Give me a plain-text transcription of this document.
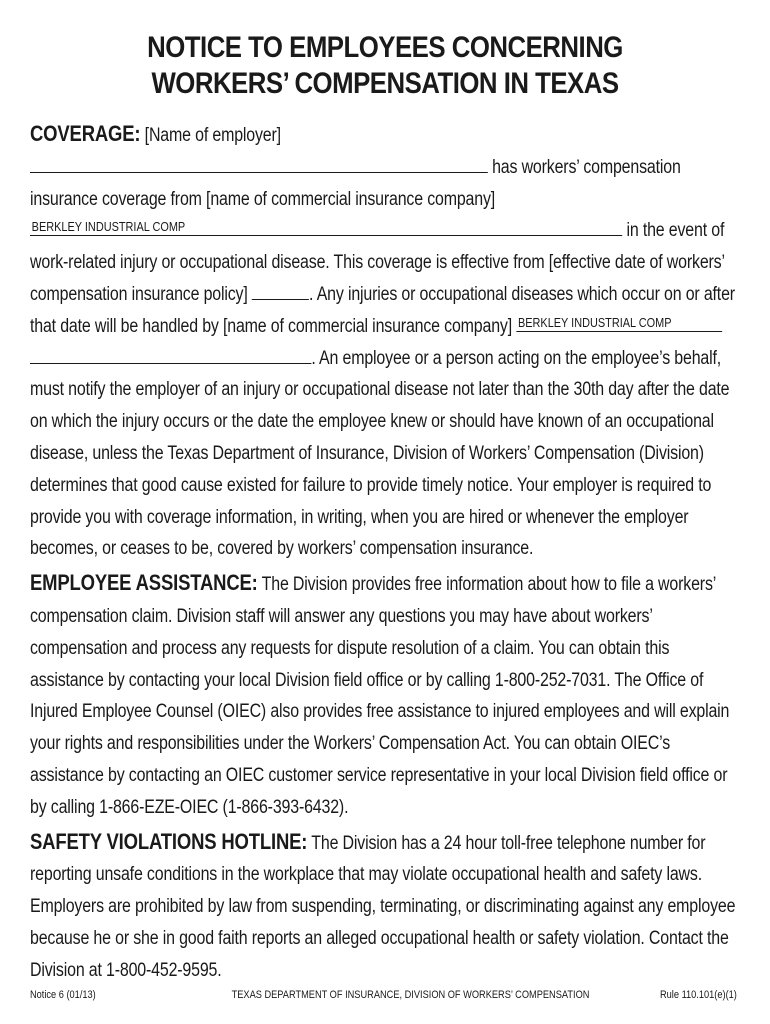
NOTICE TO EMPLOYEES CONCERNING
WORKERS’ COMPENSATION IN TEXAS

COVERAGE: [Name of employer]
has workers’ compensation insurance coverage from [name of commercial insurance company]
BERKLEY INDUSTRIAL COMP	in the event of work-related injury or occupational disease. This coverage is effective from [effective date of workers’ compensation insurance policy]	. Any injuries or occupational diseases which occur on or after that date will be handled by [name of commercial insurance company] BERKLEY INDUSTRIAL COMP
. An employee or a person acting on the employee’s behalf, must notify the employer of an injury or occupational disease not later than the 30th day after the date on which the injury occurs or the date the employee knew or should have known of an occupational disease, unless the Texas Department of Insurance, Division of Workers’ Compensation (Division) determines that good cause existed for failure to provide timely notice. Your employer is required to provide you with coverage information, in writing, when you are hired or whenever the employer becomes, or ceases to be, covered by workers’ compensation insurance.

EMPLOYEE ASSISTANCE: The Division provides free information about how to file a workers’ compensation claim. Division staff will answer any questions you may have about workers’ compensation and process any requests for dispute resolution of a claim. You can obtain this assistance by contacting your local Division field office or by calling 1-800-252-7031. The Office of Injured Employee Counsel (OIEC) also provides free assistance to injured employees and will explain your rights and responsibilities under the Workers’ Compensation Act. You can obtain OIEC’s assistance by contacting an OIEC customer service representative in your local Division field office or by calling 1-866-EZE-OIEC (1-866-393-6432).

SAFETY VIOLATIONS HOTLINE: The Division has a 24 hour toll-free telephone number for reporting unsafe conditions in the workplace that may violate occupational health and safety laws. Employers are prohibited by law from suspending, terminating, or discriminating against any employee because he or she in good faith reports an alleged occupational health or safety violation. Contact the Division at 1-800-452-9595.

Notice 6 (01/13)	TEXAS DEPARTMENT OF INSURANCE, DIVISION OF WORKERS’ COMPENSATION	Rule 110.101(e)(1)
